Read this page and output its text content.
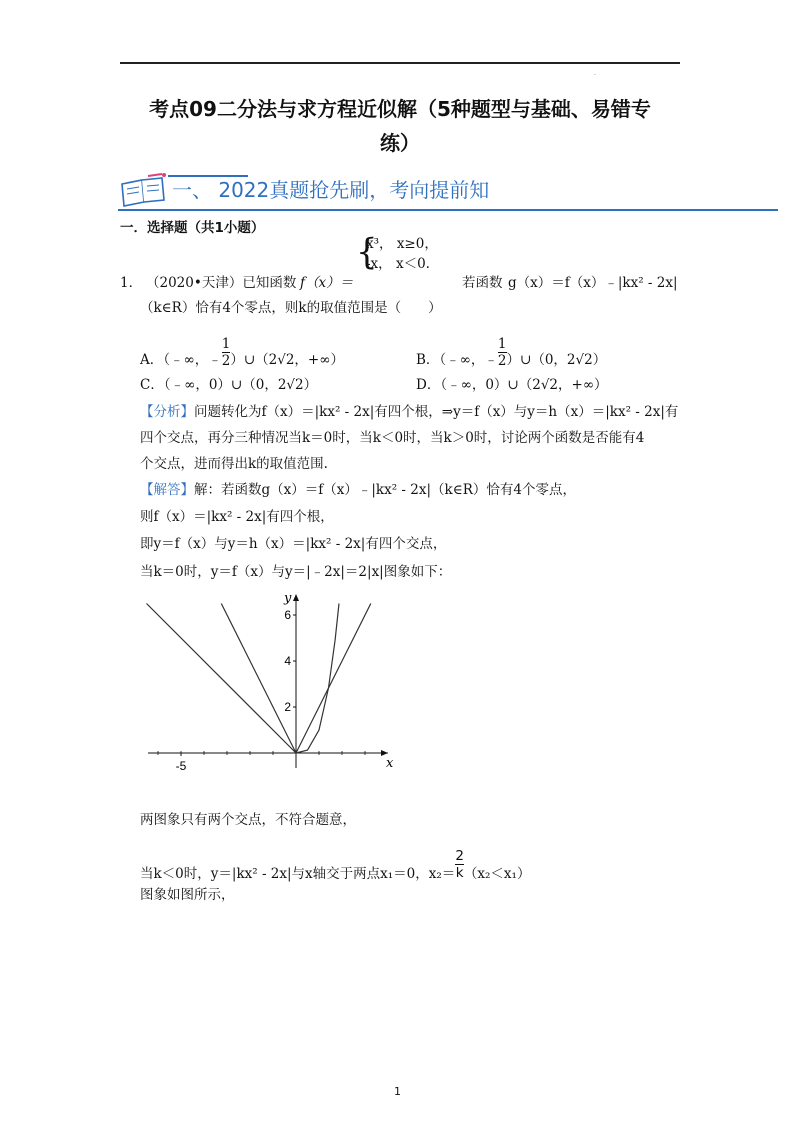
·
考点09二分法与求方程近似解（5种题型与基础、易错专
练）
一、 2022真题抢先刷，考向提前知
一．选择题（共1小题）
1． （2020•天津）已知函数 f（x）＝
{
x³， x≥0，
-x， x＜0.
若函数 g（x）＝f（x）﹣|kx² - 2x|
（k∈R）恰有4个零点，则k的取值范围是（　　）
A．（﹣∞，﹣ $\frac{1}{2}$ ）∪（2√2，+∞）	B．（﹣∞，﹣ $\frac{1}{2}$ ）∪（0，2√2）
C．（﹣∞，0）∪（0，2√2）	D．（﹣∞，0）∪（2√2，+∞）
【分析】问题转化为f（x）＝|kx² - 2x|有四个根，⇒y＝f（x）与y＝h（x）＝|kx² - 2x|有
四个交点，再分三种情况当k＝0时，当k＜0时，当k＞0时，讨论两个函数是否能有4
个交点，进而得出k的取值范围.
【解答】解：若函数g（x）＝f（x）﹣|kx² - 2x|（k∈R）恰有4个零点，
则f（x）＝|kx² - 2x|有四个根，
即y＝f（x）与y＝h（x）＝|kx² - 2x|有四个交点，
当k＝0时，y＝f（x）与y＝|﹣2x|＝2|x|图象如下：
2
4
6
-5	x
y
两图象只有两个交点，不符合题意，
当k＜0时，y＝|kx² - 2x|与x轴交于两点x₁＝0，$x_2= \frac{2}{k} (x_2<x_1)$
图象如图所示，
1
